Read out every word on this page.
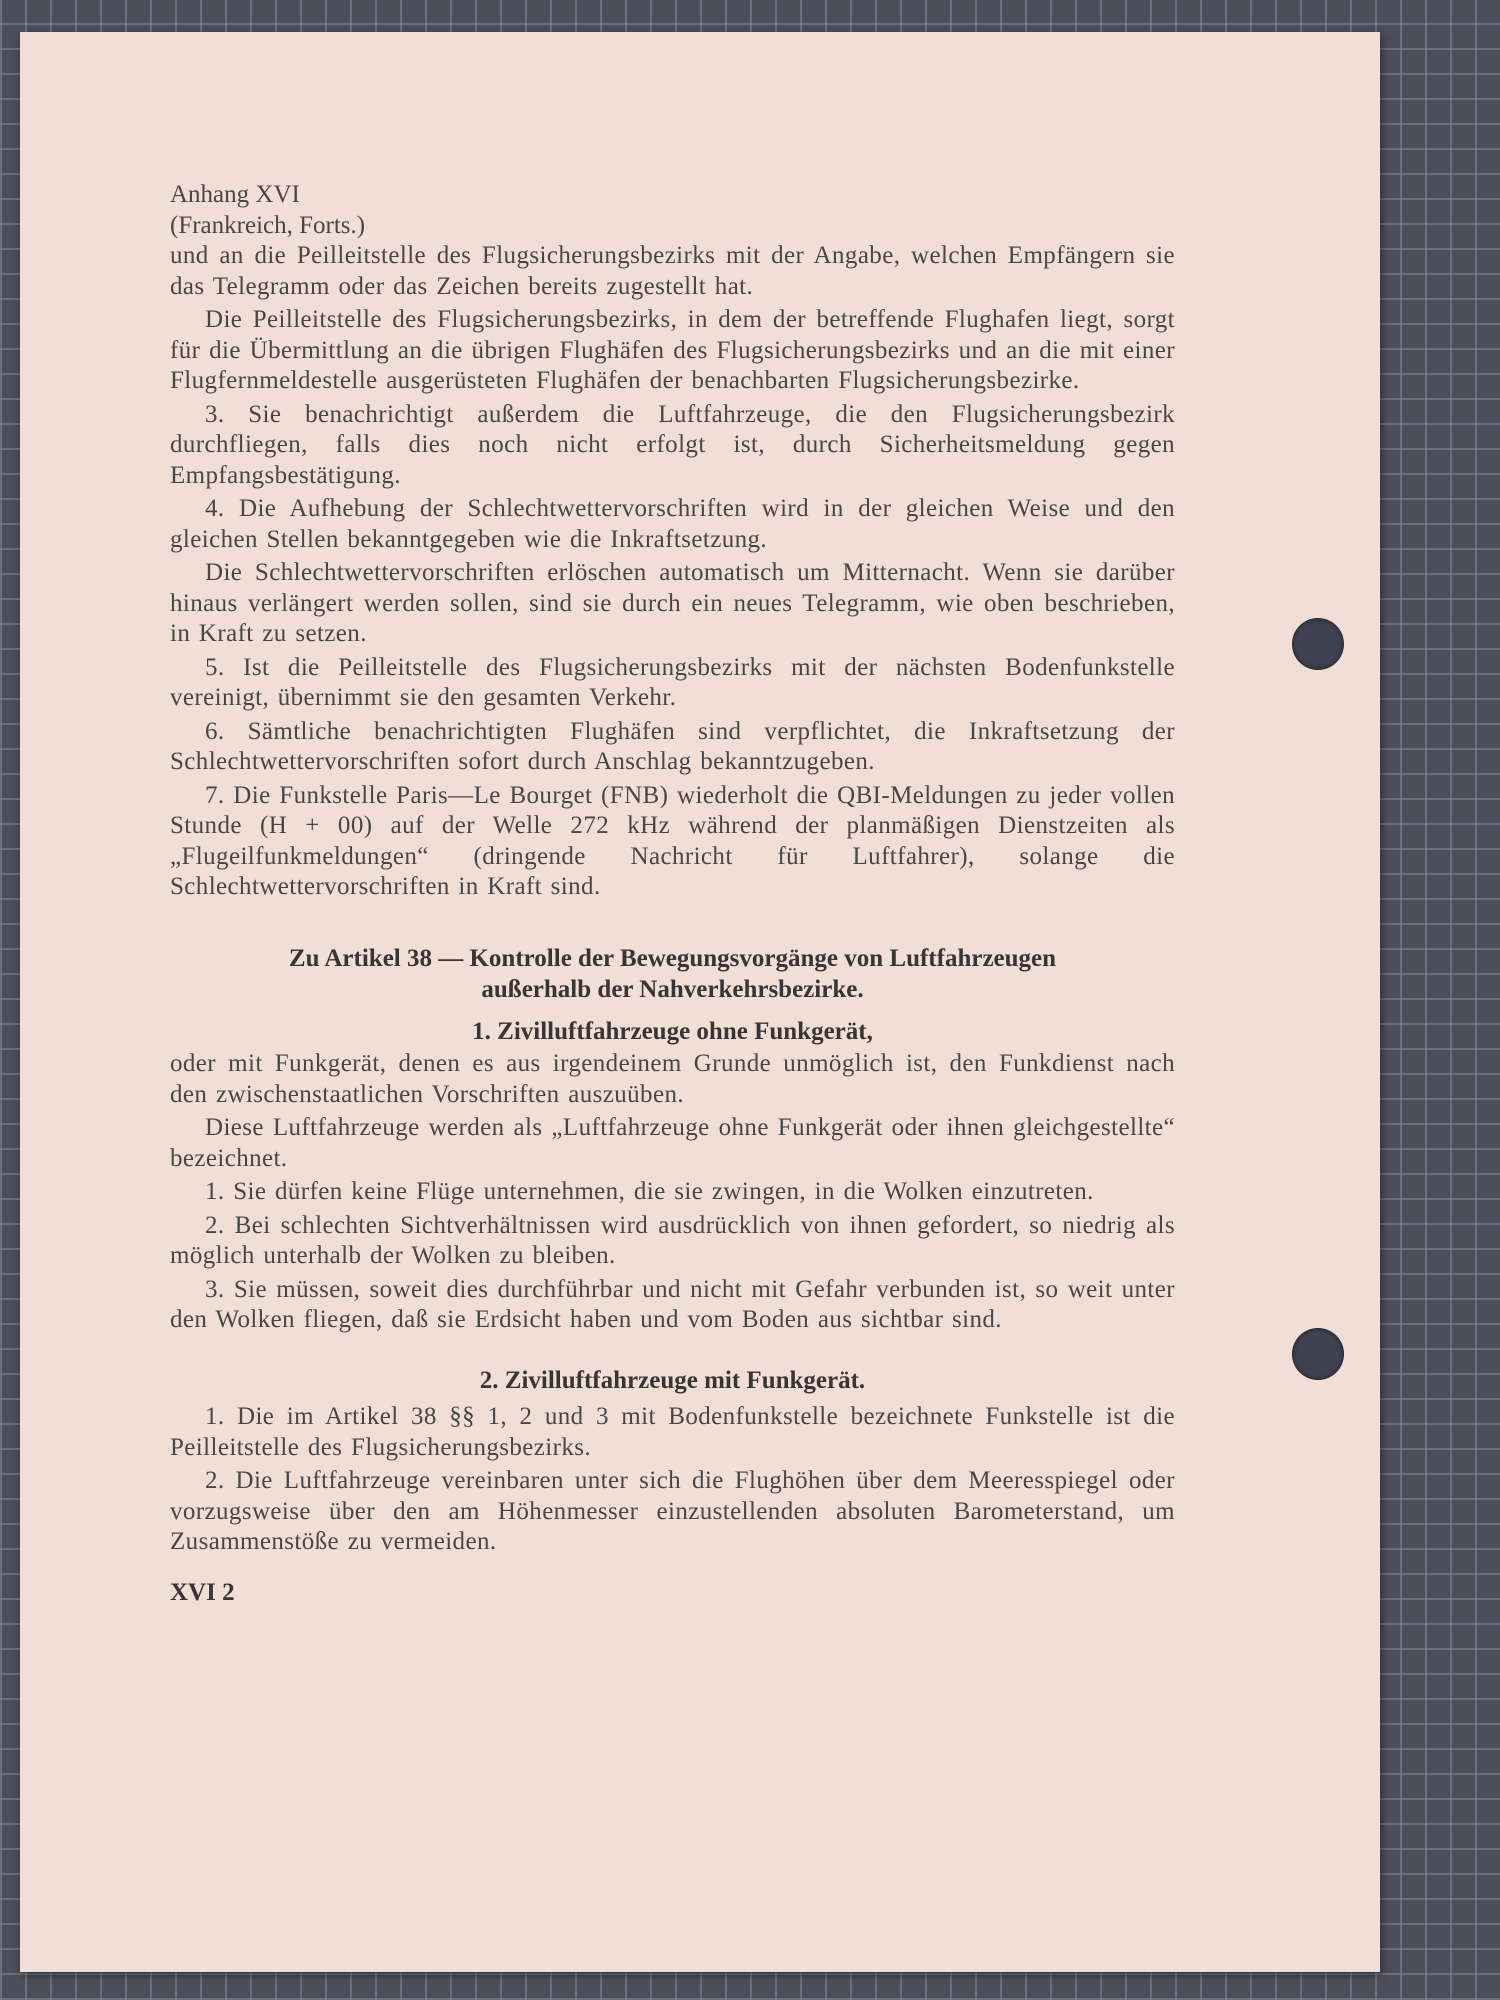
Anhang XVI
(Frankreich, Forts.)

und an die Peilleitstelle des Flugsicherungsbezirks mit der Angabe, welchen Empfängern sie das Telegramm oder das Zeichen bereits zugestellt hat.

Die Peilleitstelle des Flugsicherungsbezirks, in dem der betreffende Flughafen liegt, sorgt für die Übermittlung an die übrigen Flughäfen des Flugsicherungsbezirks und an die mit einer Flugfernmeldestelle ausgerüsteten Flughäfen der benachbarten Flugsicherungsbezirke.

3. Sie benachrichtigt außerdem die Luftfahrzeuge, die den Flugsicherungsbezirk durchfliegen, falls dies noch nicht erfolgt ist, durch Sicherheitsmeldung gegen Empfangsbestätigung.

4. Die Aufhebung der Schlechtwettervorschriften wird in der gleichen Weise und den gleichen Stellen bekanntgegeben wie die Inkraftsetzung.

Die Schlechtwettervorschriften erlöschen automatisch um Mitternacht. Wenn sie darüber hinaus verlängert werden sollen, sind sie durch ein neues Telegramm, wie oben beschrieben, in Kraft zu setzen.

5. Ist die Peilleitstelle des Flugsicherungsbezirks mit der nächsten Bodenfunkstelle vereinigt, übernimmt sie den gesamten Verkehr.

6. Sämtliche benachrichtigten Flughäfen sind verpflichtet, die Inkraftsetzung der Schlechtwettervorschriften sofort durch Anschlag bekanntzugeben.

7. Die Funkstelle Paris—Le Bourget (FNB) wiederholt die QBI-Meldungen zu jeder vollen Stunde (H + 00) auf der Welle 272 kHz während der planmäßigen Dienstzeiten als „Flugeilfunkmeldungen“ (dringende Nachricht für Luftfahrer), solange die Schlechtwettervorschriften in Kraft sind.

Zu Artikel 38 — Kontrolle der Bewegungsvorgänge von Luftfahrzeugen
außerhalb der Nahverkehrsbezirke.
1. Zivilluftfahrzeuge ohne Funkgerät,

oder mit Funkgerät, denen es aus irgendeinem Grunde unmöglich ist, den Funkdienst nach den zwischenstaatlichen Vorschriften auszuüben.

Diese Luftfahrzeuge werden als „Luftfahrzeuge ohne Funkgerät oder ihnen gleichgestellte“ bezeichnet.

1. Sie dürfen keine Flüge unternehmen, die sie zwingen, in die Wolken einzutreten.

2. Bei schlechten Sichtverhältnissen wird ausdrücklich von ihnen gefordert, so niedrig als möglich unterhalb der Wolken zu bleiben.

3. Sie müssen, soweit dies durchführbar und nicht mit Gefahr verbunden ist, so weit unter den Wolken fliegen, daß sie Erdsicht haben und vom Boden aus sichtbar sind.

2. Zivilluftfahrzeuge mit Funkgerät.

1. Die im Artikel 38 §§ 1, 2 und 3 mit Bodenfunkstelle bezeichnete Funkstelle ist die Peilleitstelle des Flugsicherungsbezirks.

2. Die Luftfahrzeuge vereinbaren unter sich die Flughöhen über dem Meeresspiegel oder vorzugsweise über den am Höhenmesser einzustellenden absoluten Barometerstand, um Zusammenstöße zu vermeiden.

XVI 2
